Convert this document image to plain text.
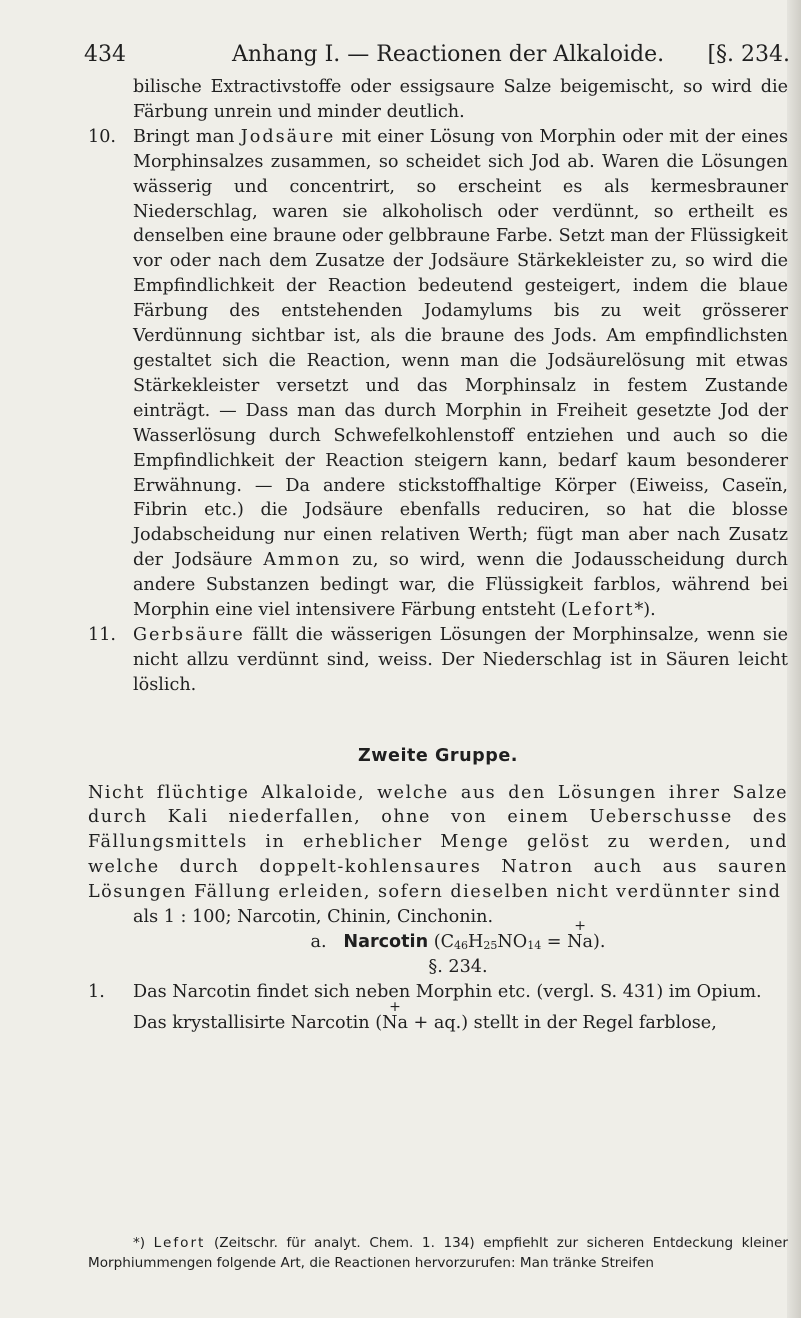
434	Anhang I. — Reactionen der Alkaloide. [§. 234.

bilische Extractivstoffe oder essigsaure Salze beigemischt, so wird die Färbung unrein und minder deutlich.

10. Bringt man Jodsäure mit einer Lösung von Morphin oder mit der eines Morphinsalzes zusammen, so scheidet sich Jod ab. Waren die Lösungen wässerig und concentrirt, so erscheint es als kermesbrauner Niederschlag, waren sie alkoholisch oder verdünnt, so ertheilt es denselben eine braune oder gelbbraune Farbe. Setzt man der Flüssigkeit vor oder nach dem Zusatze der Jodsäure Stärkekleister zu, so wird die Empfindlichkeit der Reaction bedeutend gesteigert, indem die blaue Färbung des entstehenden Jodamylums bis zu weit grösserer Verdünnung sichtbar ist, als die braune des Jods. Am empfindlichsten gestaltet sich die Reaction, wenn man die Jodsäurelösung mit etwas Stärkekleister versetzt und das Morphinsalz in festem Zustande einträgt. — Dass man das durch Morphin in Freiheit gesetzte Jod der Wasserlösung durch Schwefelkohlenstoff entziehen und auch so die Empfindlichkeit der Reaction steigern kann, bedarf kaum besonderer Erwähnung. — Da andere stickstoffhaltige Körper (Eiweiss, Caseïn, Fibrin etc.) die Jodsäure ebenfalls reduciren, so hat die blosse Jodabscheidung nur einen relativen Werth; fügt man aber nach Zusatz der Jodsäure Ammon zu, so wird, wenn die Jodausscheidung durch andere Substanzen bedingt war, die Flüssigkeit farblos, während bei Morphin eine viel intensivere Färbung entsteht (Lefort*).

11. Gerbsäure fällt die wässerigen Lösungen der Morphinsalze, wenn sie nicht allzu verdünnt sind, weiss. Der Niederschlag ist in Säuren leicht löslich.

Zweite Gruppe.

Nicht flüchtige Alkaloide, welche aus den Lösungen ihrer Salze durch Kali niederfallen, ohne von einem Ueberschusse des Fällungsmittels in erheblicher Menge gelöst zu werden, und welche durch doppelt-kohlensaures Natron auch aus sauren Lösungen Fällung erleiden, sofern dieselben nicht verdünnter sind

als 1 : 100; Narcotin, Chinin, Cinchonin.

a. Narcotin ($C_{46}H_{25}NO_{14}$ = + Na).

§. 234.

1. Das Narcotin findet sich neben Morphin etc. (vergl. S. 431) im Opium.

Das krystallisirte Narcotin (+ Na + aq.) stellt in der Regel farblose,

*) Lefort (Zeitschr. für analyt. Chem. 1. 134) empfiehlt zur sicheren Entdeckung kleiner Morphiummengen folgende Art, die Reactionen hervorzurufen: Man tränke Streifen
